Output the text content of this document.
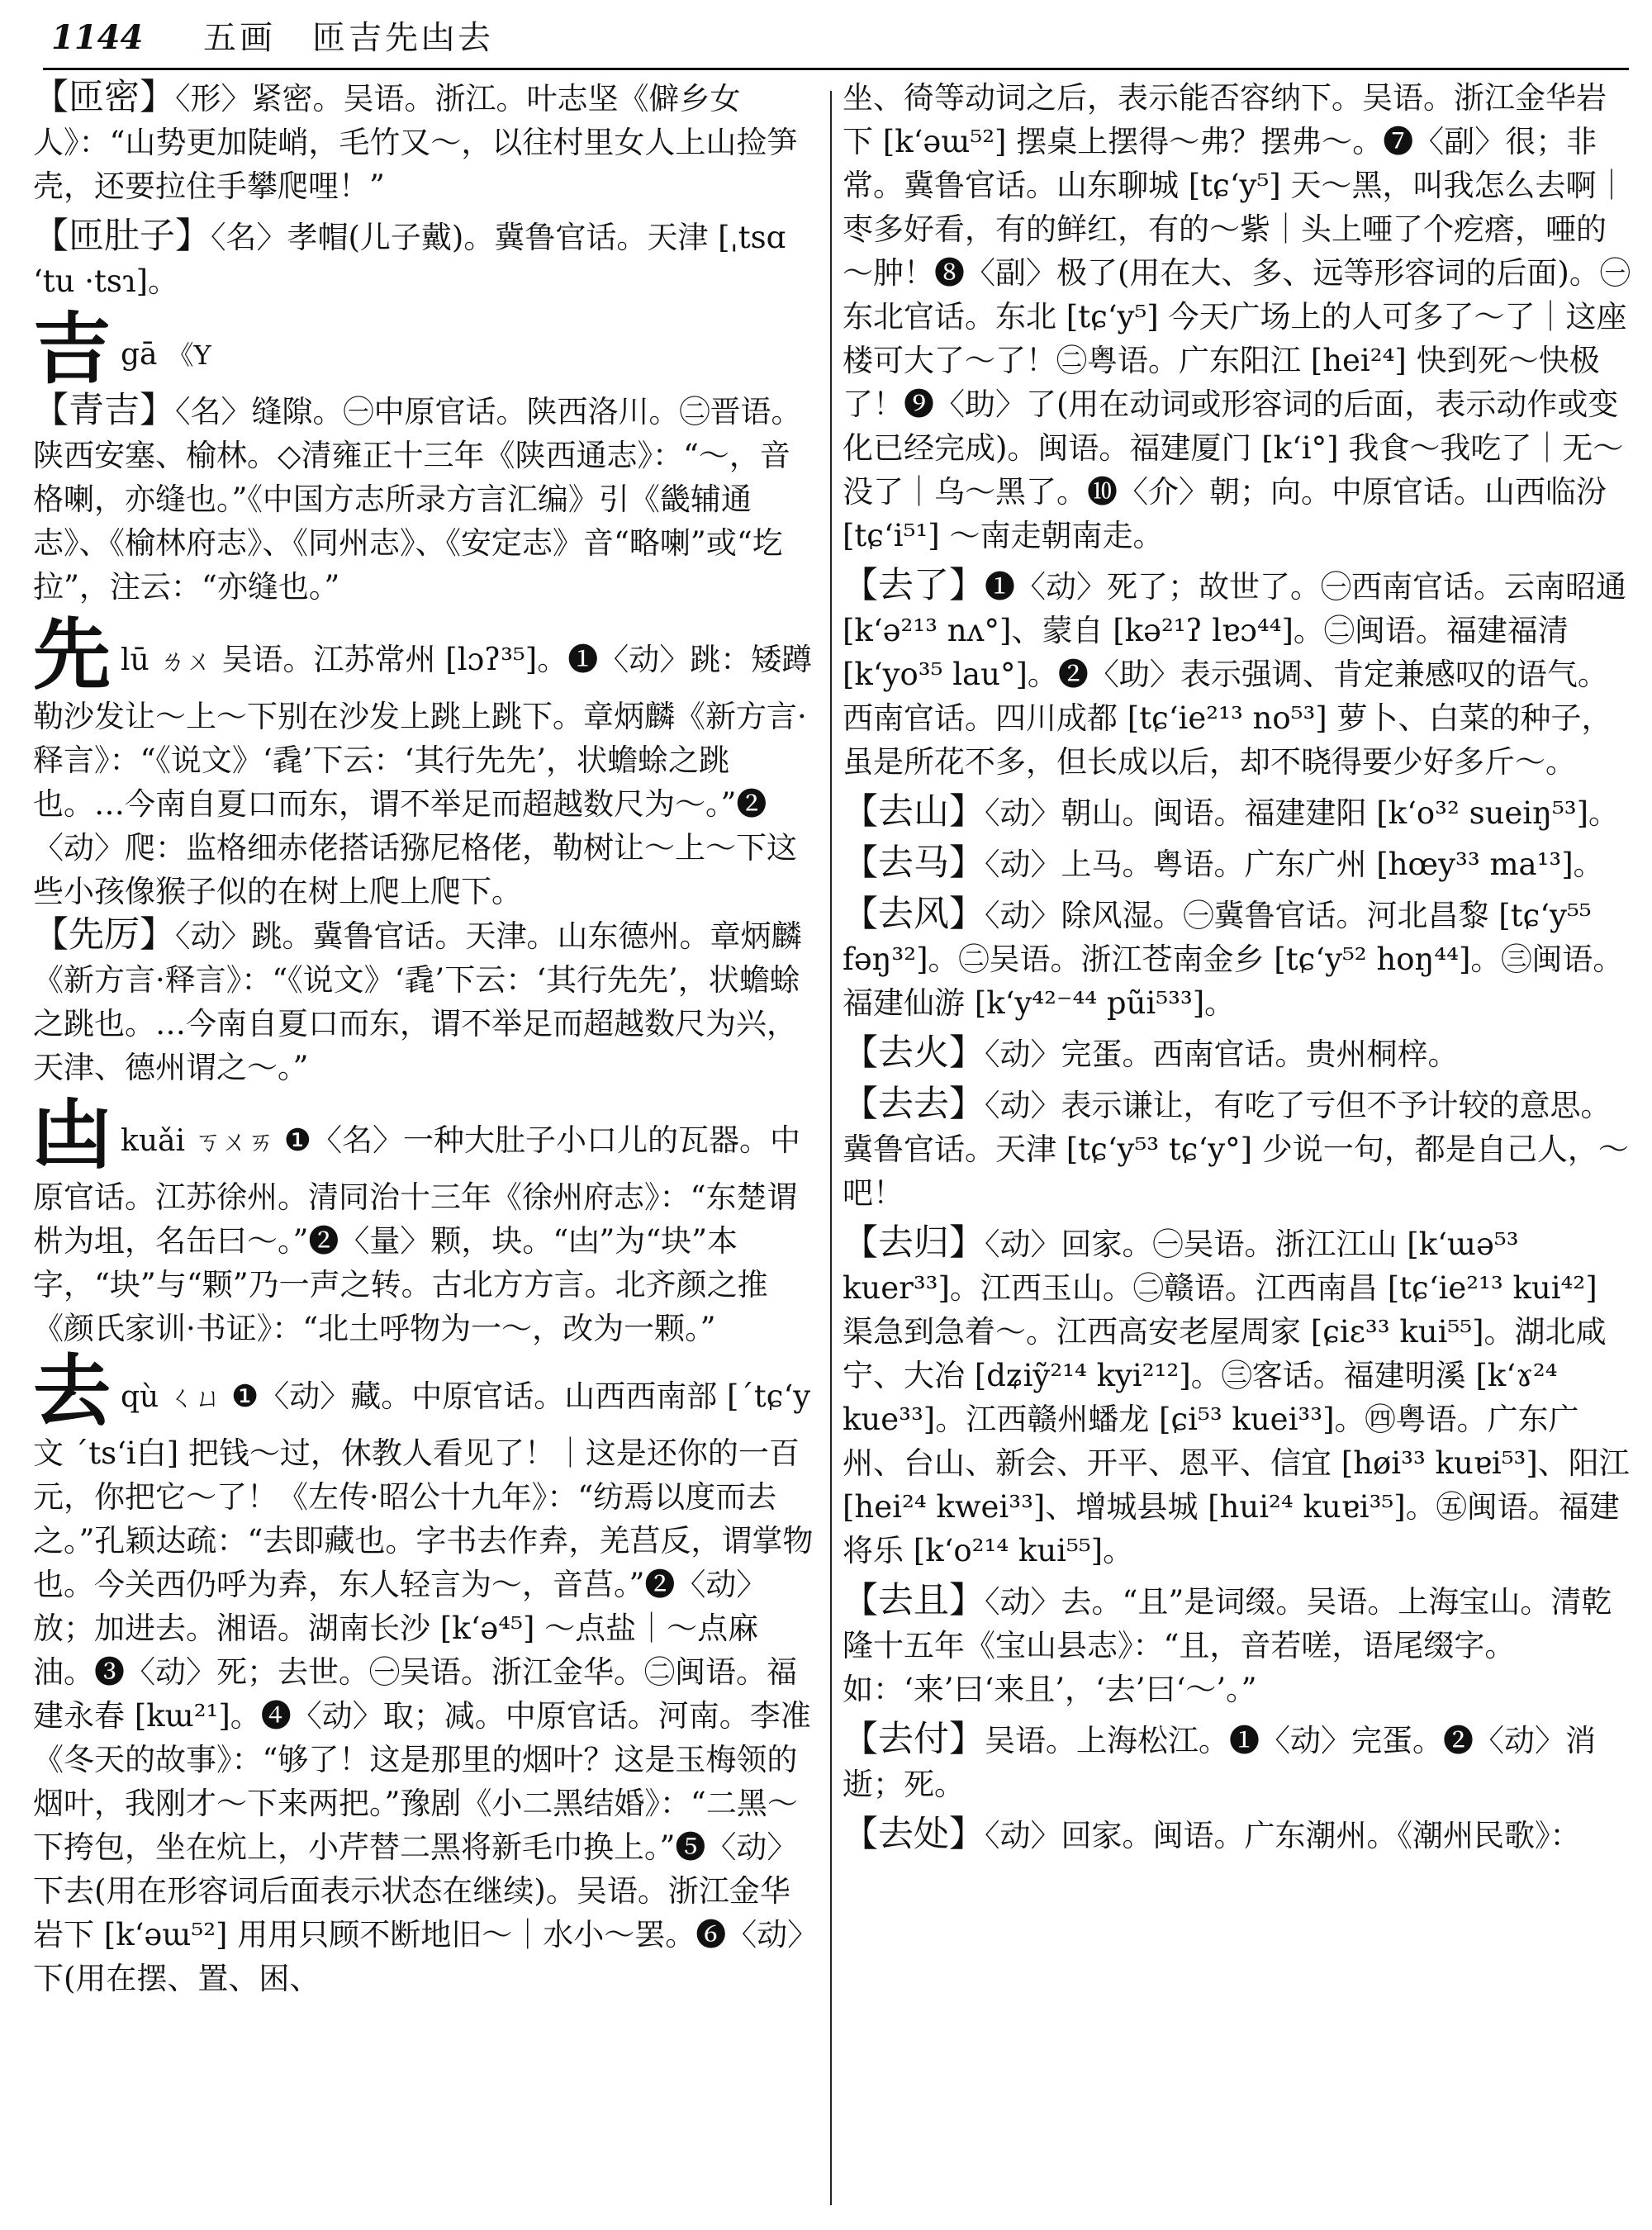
1144 五画　匝吉先凷去

【匝密】〈形〉紧密。吴语。浙江。叶志坚《僻乡女人》：“山势更加陡峭，毛竹又～，以往村里女人上山捡笋壳，还要拉住手攀爬哩！”

【匝肚子】〈名〉孝帽(儿子戴)。冀鲁官话。天津 [ˌtsɑ ʻtu ·tsɿ]。

吉gā 《Y

【青吉】〈名〉缝隙。㊀中原官话。陕西洛川。㊁晋语。陕西安塞、榆林。◇清雍正十三年《陕西通志》：“～，音格喇，亦缝也。”《中国方志所录方言汇编》引《畿辅通志》、《榆林府志》、《同州志》、《安定志》音“略喇”或“圪拉”，注云：“亦缝也。”

先lū ㄌㄨ 吴语。江苏常州 [lɔʔ³⁵]。❶〈动〉跳：矮蹲勒沙发让～上～下别在沙发上跳上跳下。章炳麟《新方言·释言》：“《说文》‘毳’下云：‘其行先先’，状蟾蜍之跳也。…今南自夏口而东，谓不举足而超越数尺为～。”❷〈动〉爬：监格细赤佬搭话猕尼格佬，勒树让～上～下这些小孩像猴子似的在树上爬上爬下。

【先厉】〈动〉跳。冀鲁官话。天津。山东德州。章炳麟《新方言·释言》：“《说文》‘毳’下云：‘其行先先’，状蟾蜍之跳也。…今南自夏口而东，谓不举足而超越数尺为兴，天津、德州谓之～。”

凷kuǎi ㄎㄨㄞ ❶〈名〉一种大肚子小口儿的瓦器。中原官话。江苏徐州。清同治十三年《徐州府志》：“东楚谓㭊为坥，名缶曰～。”❷〈量〉颗，块。“凷”为“块”本字，“块”与“颗”乃一声之转。古北方方言。北齐颜之推《颜氏家训·书证》：“北土呼物为一～，改为一颗。”

去qù ㄑㄩ ❶〈动〉藏。中原官话。山西西南部 [ˊtɕʻy文 ˊtsʻi白] 把钱～过，休教人看见了！｜这是还你的一百元，你把它～了！《左传·昭公十九年》：“纺焉以度而去之。”孔颖达疏：“去即藏也。字书去作弆，羌莒反，谓掌物也。今关西仍呼为弆，东人轻言为～，音莒。”❷〈动〉放；加进去。湘语。湖南长沙 [kʻə⁴⁵] ～点盐｜～点麻油。❸〈动〉死；去世。㊀吴语。浙江金华。㊁闽语。福建永春 [kɯ²¹]。❹〈动〉取；减。中原官话。河南。李准《冬天的故事》：“够了！这是那里的烟叶？这是玉梅领的烟叶，我刚才～下来两把。”豫剧《小二黑结婚》：“二黑～下挎包，坐在炕上，小芹替二黑将新毛巾换上。”❺〈动〉下去(用在形容词后面表示状态在继续)。吴语。浙江金华岩下 [kʻəɯ⁵²] 用用只顾不断地旧～｜水小～罢。❻〈动〉下(用在摆、置、困、

坐、徛等动词之后，表示能否容纳下。吴语。浙江金华岩下 [kʻəɯ⁵²] 摆桌上摆得～弗？摆弗～。❼〈副〉很；非常。冀鲁官话。山东聊城 [tɕʻy⁵] 天～黑，叫我怎么去啊｜枣多好看，有的鲜红，有的～紫｜头上唖了个疙瘩，唖的～肿！❽〈副〉极了(用在大、多、远等形容词的后面)。㊀东北官话。东北 [tɕʻy⁵] 今天广场上的人可多了～了｜这座楼可大了～了！㊁粤语。广东阳江 [hei²⁴] 快到死～快极了！❾〈助〉了(用在动词或形容词的后面，表示动作或变化已经完成)。闽语。福建厦门 [kʻi°] 我食～我吃了｜无～没了｜乌～黑了。❿〈介〉朝；向。中原官话。山西临汾 [tɕʻi⁵¹] ～南走朝南走。

【去了】❶〈动〉死了；故世了。㊀西南官话。云南昭通 [kʻə²¹³ nʌ°]、蒙自 [kə²¹ʔ lɐɔ⁴⁴]。㊁闽语。福建福清 [kʻyo³⁵ lau°]。❷〈助〉表示强调、肯定兼感叹的语气。西南官话。四川成都 [tɕʻie²¹³ no⁵³] 萝卜、白菜的种子，虽是所花不多，但长成以后，却不晓得要少好多斤～。

【去山】〈动〉朝山。闽语。福建建阳 [kʻo³² sueiŋ⁵³]。

【去马】〈动〉上马。粤语。广东广州 [hœy³³ ma¹³]。

【去风】〈动〉除风湿。㊀冀鲁官话。河北昌黎 [tɕʻy⁵⁵ fəŋ³²]。㊁吴语。浙江苍南金乡 [tɕʻy⁵² hoŋ⁴⁴]。㊂闽语。福建仙游 [kʻy⁴²⁻⁴⁴ pũi⁵³³]。

【去火】〈动〉完蛋。西南官话。贵州桐梓。

【去去】〈动〉表示谦让，有吃了亏但不予计较的意思。冀鲁官话。天津 [tɕʻy⁵³ tɕʻy°] 少说一句，都是自己人，～吧！

【去归】〈动〉回家。㊀吴语。浙江江山 [kʻɯə⁵³ kuer³³]。江西玉山。㊁赣语。江西南昌 [tɕʻie²¹³ kui⁴²] 渠急到急着～。江西高安老屋周家 [ɕiɛ³³ kui⁵⁵]。湖北咸宁、大冶 [dʑiỹ²¹⁴ kyi²¹²]。㊂客话。福建明溪 [kʻɤ²⁴ kue³³]。江西赣州蟠龙 [ɕi⁵³ kuei³³]。㊃粤语。广东广州、台山、新会、开平、恩平、信宜 [høi³³ kuɐi⁵³]、阳江 [hei²⁴ kwei³³]、增城县城 [hui²⁴ kuɐi³⁵]。㊄闽语。福建将乐 [kʻo²¹⁴ kui⁵⁵]。

【去且】〈动〉去。“且”是词缀。吴语。上海宝山。清乾隆十五年《宝山县志》：“且，音若嗟，语尾缀字。如：‘来’曰‘来且’，‘去’曰‘～’。”

【去付】吴语。上海松江。❶〈动〉完蛋。❷〈动〉消逝；死。

【去处】〈动〉回家。闽语。广东潮州。《潮州民歌》：
